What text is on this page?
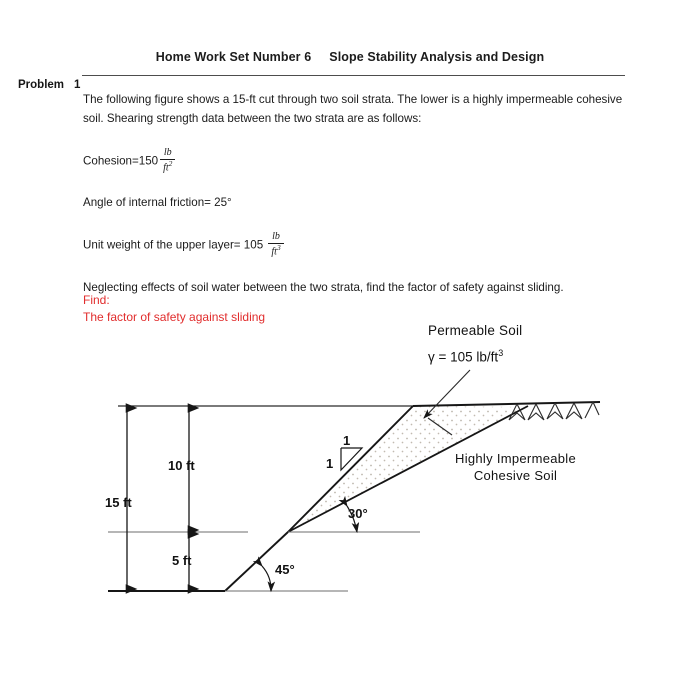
Home Work Set Number 6 Slope Stability Analysis and Design
Problem 1
The following figure shows a 15-ft cut through two soil strata. The lower is a highly impermeable cohesive soil. Shearing strength data between the two strata are as follows:
Cohesion=150 $\frac{lb}{ft^2}$
Angle of internal friction= 25°
Unit weight of the upper layer= $105 \frac{lb}{ft^3}$
Neglecting effects of soil water between the two strata, find the factor of safety against sliding.
Find:
The factor of safety against sliding
Permeable Soil
γ = 105 $lb/ft^3$
Highly Impermeable
Cohesive Soil
15 ft
10 ft
5 ft
45°
30°
1
1
